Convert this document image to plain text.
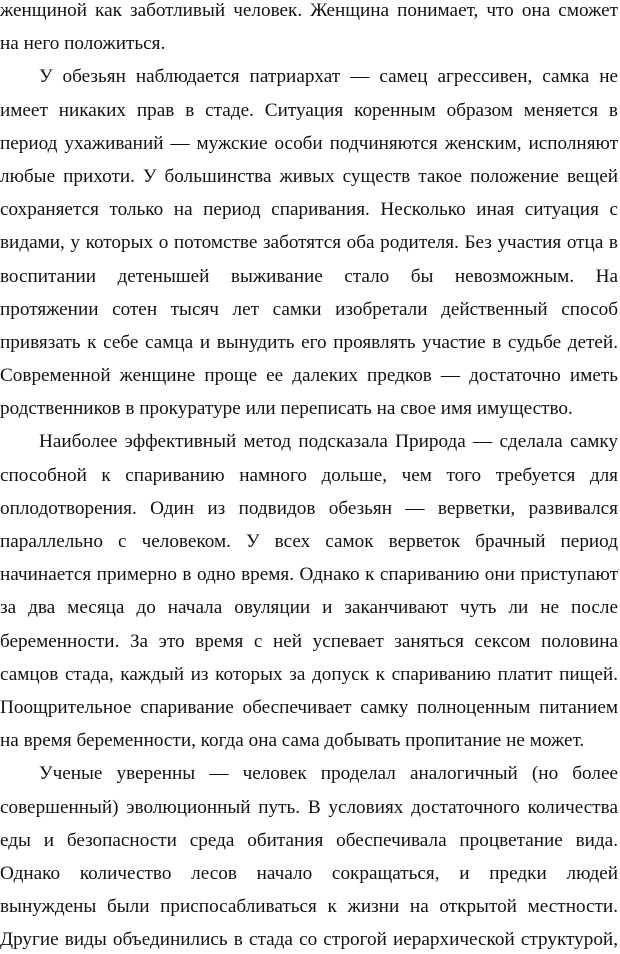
женщиной как заботливый человек. Женщина понимает, что она сможет
на него положиться.
У обезьян наблюдается патриархат — самец агрессивен, самка не
имеет никаких прав в стаде. Ситуация коренным образом меняется в
период ухаживаний — мужские особи подчиняются женским, исполняют
любые прихоти. У большинства живых существ такое положение вещей
сохраняется только на период спаривания. Несколько иная ситуация с
видами, у которых о потомстве заботятся оба родителя. Без участия отца в
воспитании детенышей выживание стало бы невозможным. На
протяжении сотен тысяч лет самки изобретали действенный способ
привязать к себе самца и вынудить его проявлять участие в судьбе детей.
Современной женщине проще ее далеких предков — достаточно иметь
родственников в прокуратуре или переписать на свое имя имущество.
Наиболее эффективный метод подсказала Природа — сделала самку
способной к спариванию намного дольше, чем того требуется для
оплодотворения. Один из подвидов обезьян — верветки, развивался
параллельно с человеком. У всех самок верветок брачный период
начинается примерно в одно время. Однако к спариванию они приступают
за два месяца до начала овуляции и заканчивают чуть ли не после
беременности. За это время с ней успевает заняться сексом половина
самцов стада, каждый из которых за допуск к спариванию платит пищей.
Поощрительное спаривание обеспечивает самку полноценным питанием
на время беременности, когда она сама добывать пропитание не может.
Ученые уверенны — человек проделал аналогичный (но более
совершенный) эволюционный путь. В условиях достаточного количества
еды и безопасности среда обитания обеспечивала процветание вида.
Однако количество лесов начало сокращаться, и предки людей
вынуждены были приспосабливаться к жизни на открытой местности.
Другие виды объединились в стада со строгой иерархической структурой,
